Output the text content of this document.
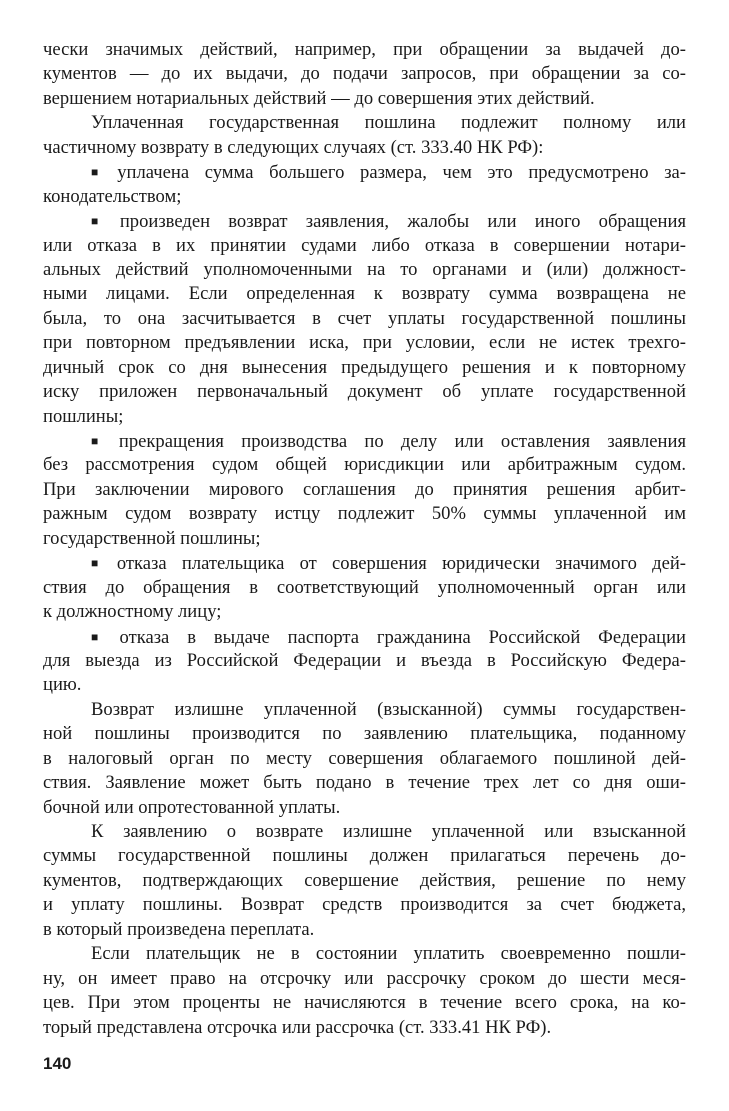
чески значимых действий, например, при обращении за выдачей до-
кументов — до их выдачи, до подачи запросов, при обращении за со-
вершением нотариальных действий — до совершения этих действий.
Уплаченная государственная пошлина подлежит полному или
частичному возврату в следующих случаях (ст. 333.40 НК РФ):
■ уплачена сумма большего размера, чем это предусмотрено за-
конодательством;
■ произведен возврат заявления, жалобы или иного обращения
или отказа в их принятии судами либо отказа в совершении нотари-
альных действий уполномоченными на то органами и (или) должност-
ными лицами. Если определенная к возврату сумма возвращена не
была, то она засчитывается в счет уплаты государственной пошлины
при повторном предъявлении иска, при условии, если не истек трехго-
дичный срок со дня вынесения предыдущего решения и к повторному
иску приложен первоначальный документ об уплате государственной
пошлины;
■ прекращения производства по делу или оставления заявления
без рассмотрения судом общей юрисдикции или арбитражным судом.
При заключении мирового соглашения до принятия решения арбит-
ражным судом возврату истцу подлежит 50% суммы уплаченной им
государственной пошлины;
■ отказа плательщика от совершения юридически значимого дей-
ствия до обращения в соответствующий уполномоченный орган или
к должностному лицу;
■ отказа в выдаче паспорта гражданина Российской Федерации
для выезда из Российской Федерации и въезда в Российскую Федера-
цию.
Возврат излишне уплаченной (взысканной) суммы государствен-
ной пошлины производится по заявлению плательщика, поданному
в налоговый орган по месту совершения облагаемого пошлиной дей-
ствия. Заявление может быть подано в течение трех лет со дня оши-
бочной или опротестованной уплаты.
К заявлению о возврате излишне уплаченной или взысканной
суммы государственной пошлины должен прилагаться перечень до-
кументов, подтверждающих совершение действия, решение по нему
и уплату пошлины. Возврат средств производится за счет бюджета,
в который произведена переплата.
Если плательщик не в состоянии уплатить своевременно пошли-
ну, он имеет право на отсрочку или рассрочку сроком до шести меся-
цев. При этом проценты не начисляются в течение всего срока, на ко-
торый представлена отсрочка или рассрочка (ст. 333.41 НК РФ).
140
